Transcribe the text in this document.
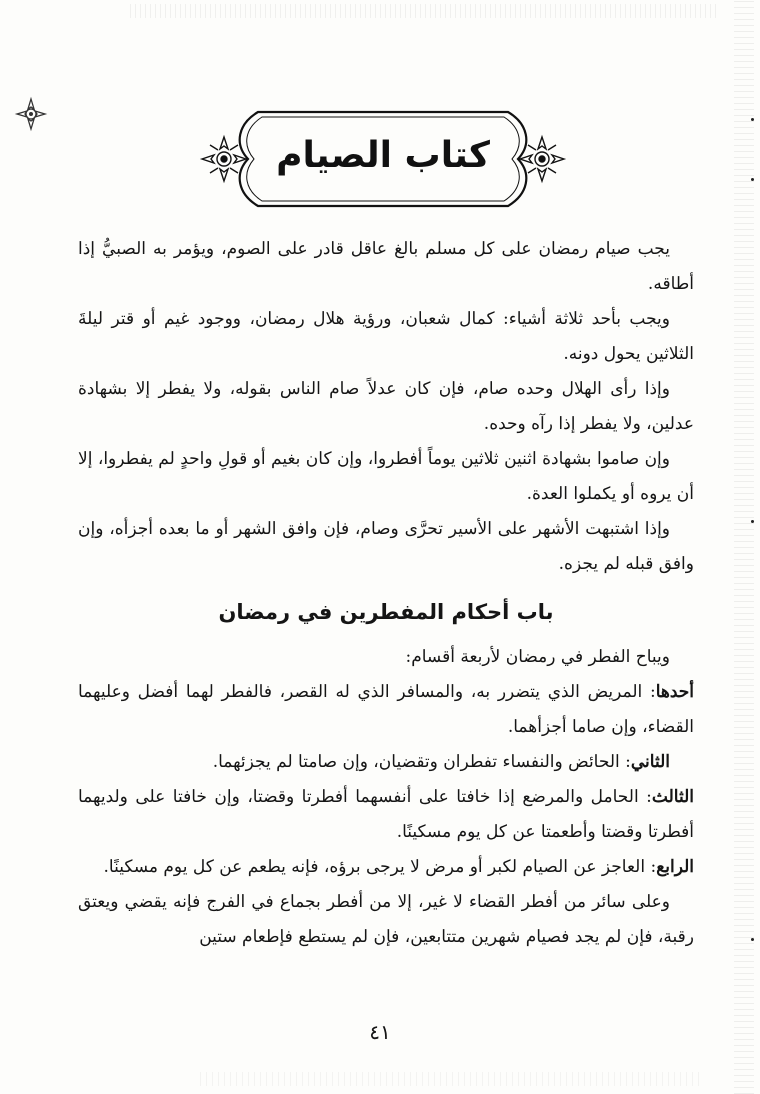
كتاب الصيام

يجب صيام رمضان على كل مسلم بالغ عاقل قادر على الصوم، ويؤمر به الصبيُّ إذا أطاقه.

ويجب بأحد ثلاثة أشياء: كمال شعبان، ورؤية هلال رمضان، ووجود غيم أو قتر ليلةَ الثلاثين يحول دونه.

وإذا رأى الهلال وحده صام، فإن كان عدلاً صام الناس بقوله، ولا يفطر إلا بشهادة عدلين، ولا يفطر إذا رآه وحده.

وإن صاموا بشهادة اثنين ثلاثين يوماً أفطروا، وإن كان بغيم أو قولِ واحدٍ لم يفطروا، إلا أن يروه أو يكملوا العدة.

وإذا اشتبهت الأشهر على الأسير تحرَّى وصام، فإن وافق الشهر أو ما بعده أجزأه، وإن وافق قبله لم يجزه.

باب أحكام المفطرين في رمضان

ويباح الفطر في رمضان لأربعة أقسام:

أحدها: المريض الذي يتضرر به، والمسافر الذي له القصر، فالفطر لهما أفضل وعليهما القضاء، وإن صاما أجزأهما.

الثاني: الحائض والنفساء تفطران وتقضيان، وإن صامتا لم يجزئهما.

الثالث: الحامل والمرضع إذا خافتا على أنفسهما أفطرتا وقضتا، وإن خافتا على ولديهما أفطرتا وقضتا وأطعمتا عن كل يوم مسكينًا.

الرابع: العاجز عن الصيام لكبر أو مرض لا يرجى برؤه، فإنه يطعم عن كل يوم مسكينًا.

وعلى سائر من أفطر القضاء لا غير، إلا من أفطر بجماع في الفرج فإنه يقضي ويعتق رقبة، فإن لم يجد فصيام شهرين متتابعين، فإن لم يستطع فإطعام ستين

٤١
